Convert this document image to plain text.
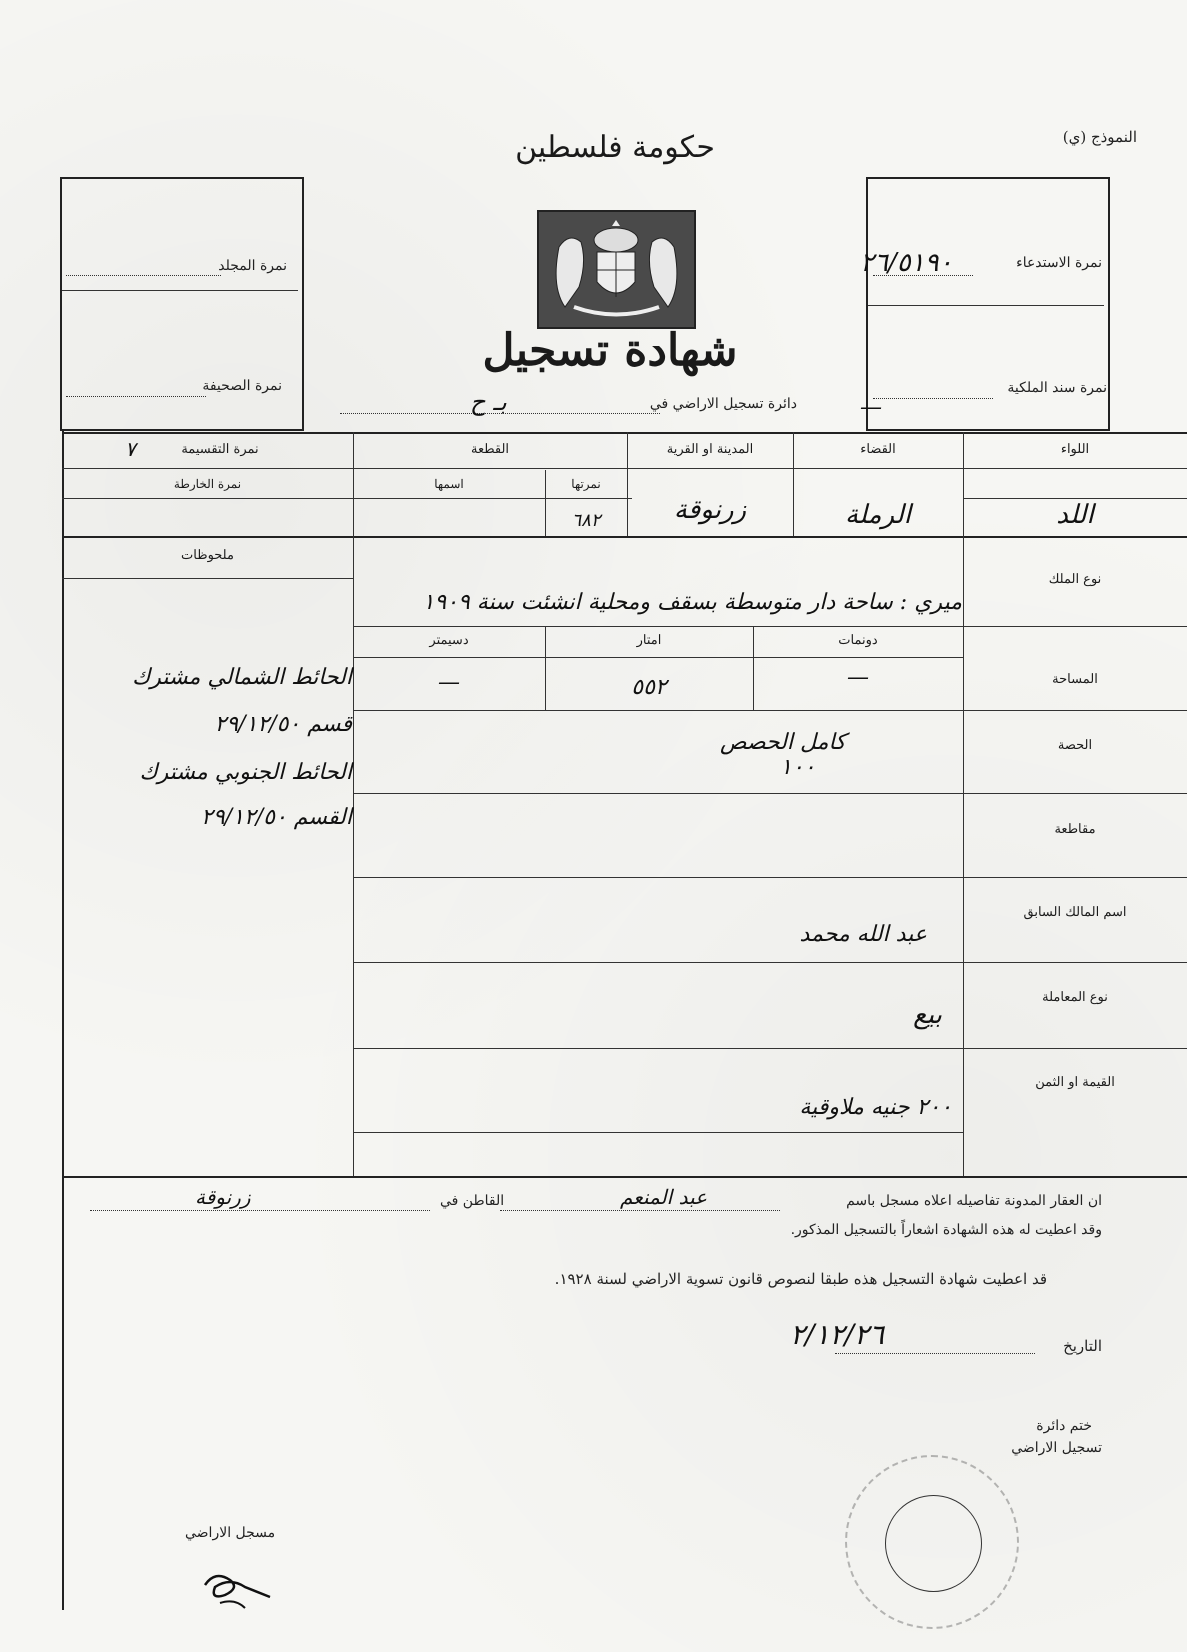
النموذج (ي)
حكومة فلسطين
شهادة تسجيل
نمرة المجلد
نمرة الصحيفة
نمرة الاستدعاء
٢٦/٥١٩٠
نمرة سند الملكية
—
دائرة تسجيل الاراضي في
بـ ح
اللواء
القضاء
المدينة او القرية
القطعة
نمرة التقسيمة
٧
نمرتها
اسمها
نمرة الخارطة
اللد
الرملة
زرنوقة
٦٨٢
ملحوظات
نوع الملك
ميري : ساحة دار متوسطة بسقف ومحلية انشئت سنة ١٩٠٩
دونمات
امتار
دسيمتر
المساحة
—
٥٥٢
—
الحصة
كامل الحصص
١٠٠
مقاطعة
اسم المالك السابق
عبد الله محمد
نوع المعاملة
بيع
القيمة او الثمن
٢٠٠ جنيه ملاوقية
الحائط الشمالي مشترك
قسم ٢٩/١٢/٥٠
الحائط الجنوبي مشترك
القسم ٢٩/١٢/٥٠
ان العقار المدونة تفاصيله اعلاه مسجل باسم
عبد المنعم
القاطن في
زرنوقة
وقد اعطيت له هذه الشهادة اشعاراً بالتسجيل المذكور.
قد اعطيت شهادة التسجيل هذه طبقا لنصوص قانون تسوية الاراضي لسنة ١٩٢٨.
التاريخ
٢/١٢/٢٦
ختم دائرة
تسجيل الاراضي
مسجل الاراضي
